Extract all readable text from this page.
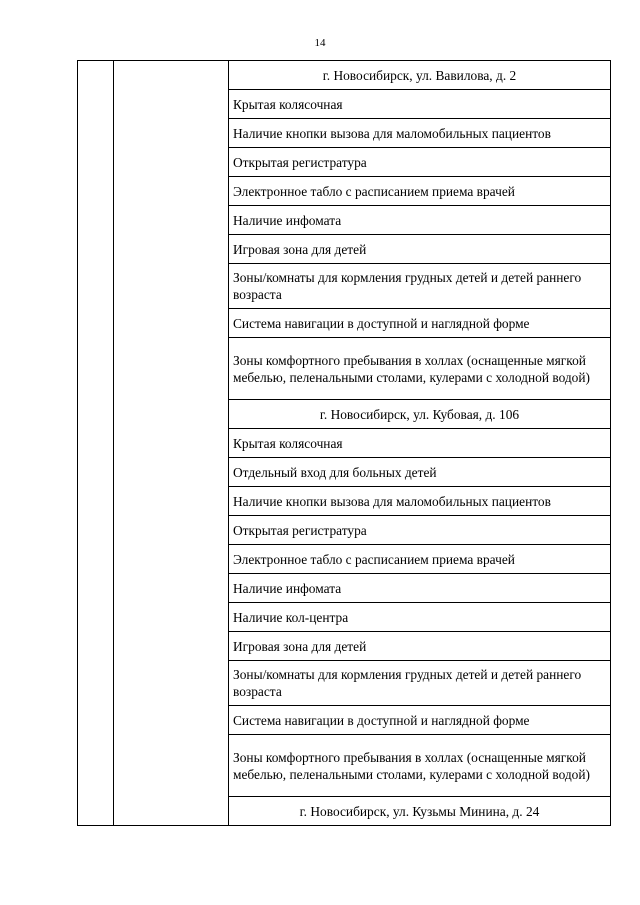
14
		г. Новосибирск, ул. Вавилова, д. 2
Крытая колясочная
Наличие кнопки вызова для маломобильных пациентов
Открытая регистратура
Электронное табло с расписанием приема врачей
Наличие инфомата
Игровая зона для детей
Зоны/комнаты для кормления грудных детей и детей раннего возраста
Система навигации в доступной и наглядной форме
Зоны комфортного пребывания в холлах (оснащенные мягкой мебелью, пеленальными столами, кулерами с холодной водой)
г. Новосибирск, ул. Кубовая, д. 106
Крытая колясочная
Отдельный вход для больных детей
Наличие кнопки вызова для маломобильных пациентов
Открытая регистратура
Электронное табло с расписанием приема врачей
Наличие инфомата
Наличие кол-центра
Игровая зона для детей
Зоны/комнаты для кормления грудных детей и детей раннего возраста
Система навигации в доступной и наглядной форме
Зоны комфортного пребывания в холлах (оснащенные мягкой мебелью, пеленальными столами, кулерами с холодной водой)
г. Новосибирск, ул. Кузьмы Минина, д. 24
